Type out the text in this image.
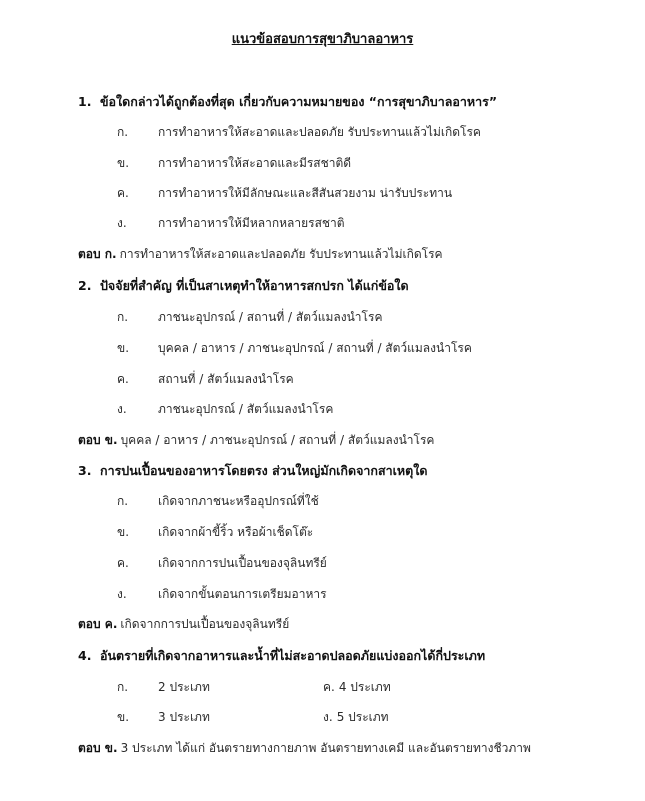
แนวข้อสอบการสุขาภิบาลอาหาร
1. ข้อใดกล่าวได้ถูกต้องที่สุด เกี่ยวกับความหมายของ “การสุขาภิบาลอาหาร”
ก. การทำอาหารให้สะอาดและปลอดภัย รับประทานแล้วไม่เกิดโรค
ข. การทำอาหารให้สะอาดและมีรสชาติดี
ค. การทำอาหารให้มีลักษณะและสีสันสวยงาม น่ารับประทาน
ง.	การทำอาหารให้มีหลากหลายรสชาติ
ตอบ ก. การทำอาหารให้สะอาดและปลอดภัย รับประทานแล้วไม่เกิดโรค
2. ปัจจัยที่สำคัญ ที่เป็นสาเหตุทำให้อาหารสกปรก ได้แก่ข้อใด
ก. ภาชนะอุปกรณ์ / สถานที่ / สัตว์แมลงนำโรค
ข. บุคคล / อาหาร / ภาชนะอุปกรณ์ / สถานที่ / สัตว์แมลงนำโรค
ค. สถานที่ / สัตว์แมลงนำโรค
ง.	ภาชนะอุปกรณ์ / สัตว์แมลงนำโรค
ตอบ ข. บุคคล / อาหาร / ภาชนะอุปกรณ์ / สถานที่ / สัตว์แมลงนำโรค
3. การปนเปื้อนของอาหารโดยตรง ส่วนใหญ่มักเกิดจากสาเหตุใด
ก. เกิดจากภาชนะหรืออุปกรณ์ที่ใช้
ข. เกิดจากผ้าขี้ริ้ว หรือผ้าเช็ดโต๊ะ
ค. เกิดจากการปนเปื้อนของจุลินทรีย์
ง.	เกิดจากขั้นตอนการเตรียมอาหาร
ตอบ ค. เกิดจากการปนเปื้อนของจุลินทรีย์
4. อันตรายที่เกิดจากอาหารและน้ำที่ไม่สะอาดปลอดภัยแบ่งออกได้กี่ประเภท
ก. 2 ประเภท	ค. 4 ประเภท
ข. 3 ประเภท	ง. 5 ประเภท
ตอบ ข. 3 ประเภท ได้แก่ อันตรายทางกายภาพ อันตรายทางเคมี และอันตรายทางชีวภาพ
